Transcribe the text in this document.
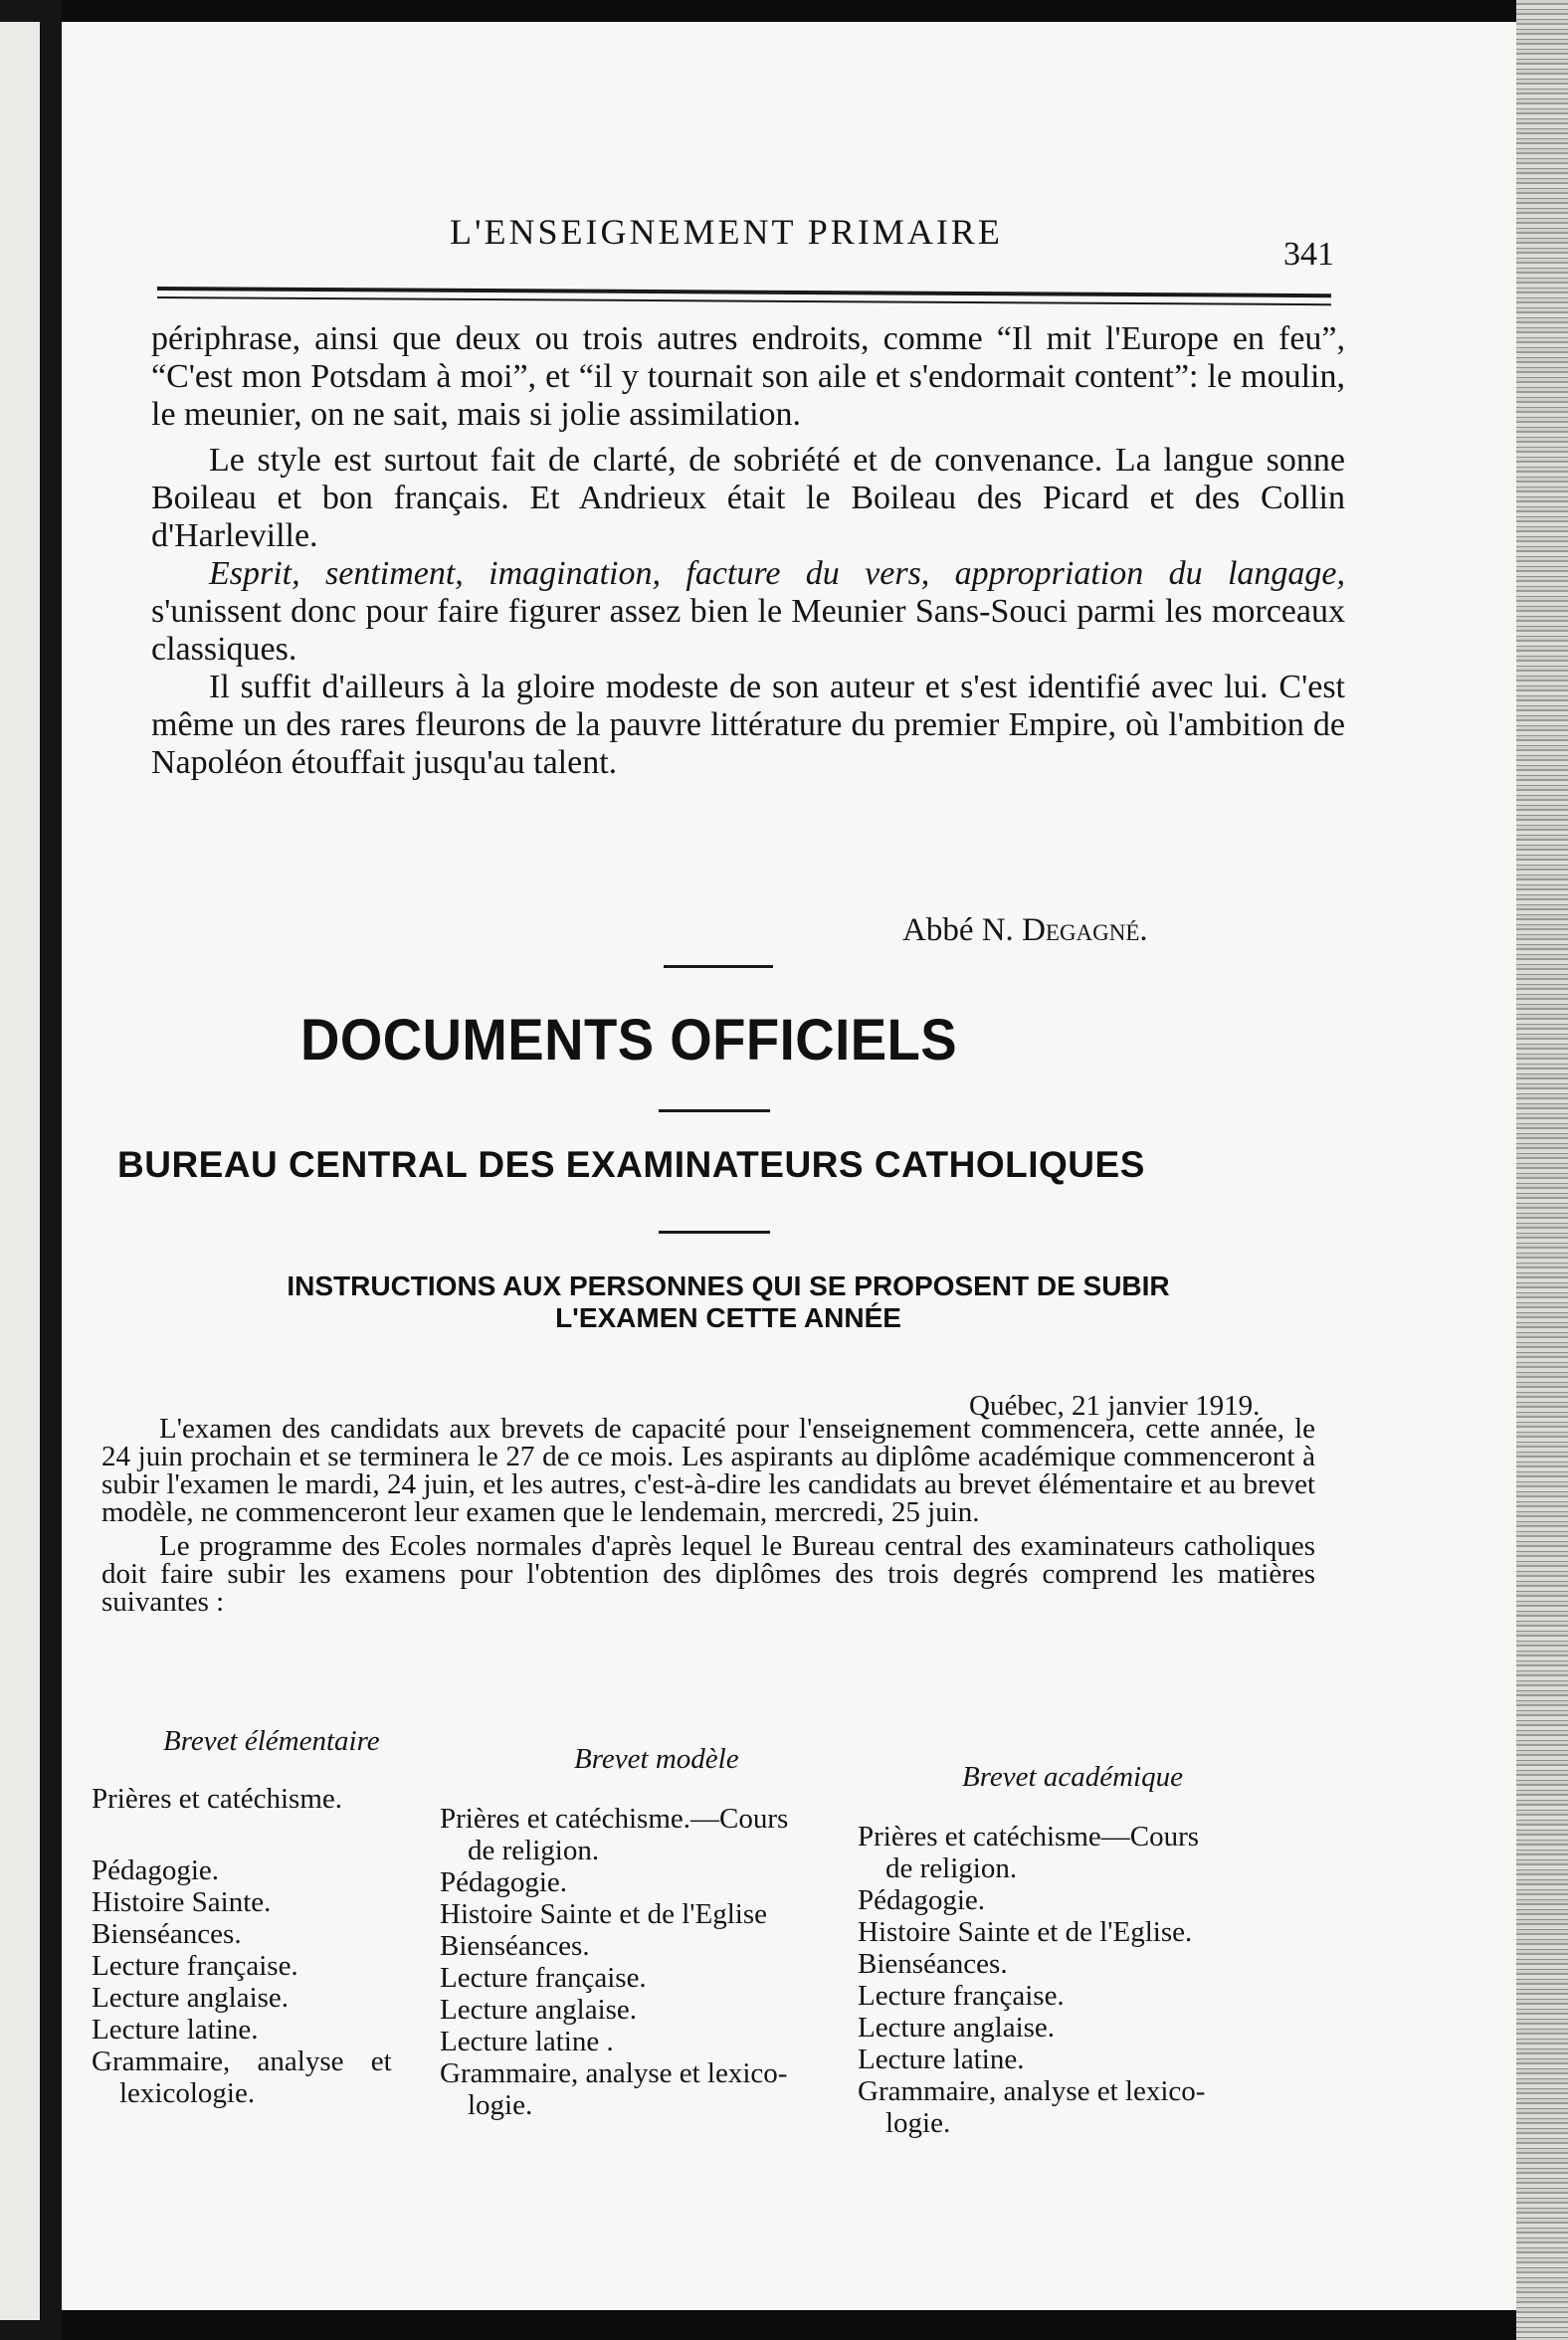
L'ENSEIGNEMENT PRIMAIRE
341

périphrase, ainsi que deux ou trois autres endroits, comme “Il mit l'Europe en feu”, “C'est mon Potsdam à moi”, et “il y tournait son aile et s'endormait content”: le moulin, le meunier, on ne sait, mais si jolie assimilation.

Le style est surtout fait de clarté, de sobriété et de convenance. La langue sonne Boileau et bon français. Et Andrieux était le Boileau des Picard et des Collin d'Harleville.

Esprit, sentiment, imagination, facture du vers, appropriation du langage, s'unissent donc pour faire figurer assez bien le Meunier Sans-Souci parmi les morceaux classiques.

Il suffit d'ailleurs à la gloire modeste de son auteur et s'est identifié avec lui. C'est même un des rares fleurons de la pauvre littérature du premier Empire, où l'ambition de Napoléon étouffait jusqu'au talent.

Abbé N. Degagné.
DOCUMENTS OFFICIELS
BUREAU CENTRAL DES EXAMINATEURS CATHOLIQUES
INSTRUCTIONS AUX PERSONNES QUI SE PROPOSENT DE SUBIR
L'EXAMEN CETTE ANNÉE
Québec, 21 janvier 1919.

L'examen des candidats aux brevets de capacité pour l'enseignement commencera, cette année, le 24 juin prochain et se terminera le 27 de ce mois. Les aspirants au diplôme académique commenceront à subir l'examen le mardi, 24 juin, et les autres, c'est-à-dire les candidats au brevet élémentaire et au brevet modèle, ne commenceront leur examen que le lendemain, mercredi, 25 juin.

Le programme des Ecoles normales d'après lequel le Bureau central des examinateurs catholiques doit faire subir les examens pour l'obtention des diplômes des trois degrés comprend les matières suivantes :

Brevet élémentaire
Brevet modèle
Brevet académique
Prières et catéchisme.
Pédagogie.
Histoire Sainte.
Bienséances.
Lecture française.
Lecture anglaise.
Lecture latine.
Grammaire, analyse et
lexicologie.
Prières et catéchisme.—Cours
de religion.
Pédagogie.
Histoire Sainte et de l'Eglise
Bienséances.
Lecture française.
Lecture anglaise.
Lecture latine .
Grammaire, analyse et lexico-
logie.
Prières et catéchisme—Cours
de religion.
Pédagogie.
Histoire Sainte et de l'Eglise.
Bienséances.
Lecture française.
Lecture anglaise.
Lecture latine.
Grammaire, analyse et lexico-
logie.
